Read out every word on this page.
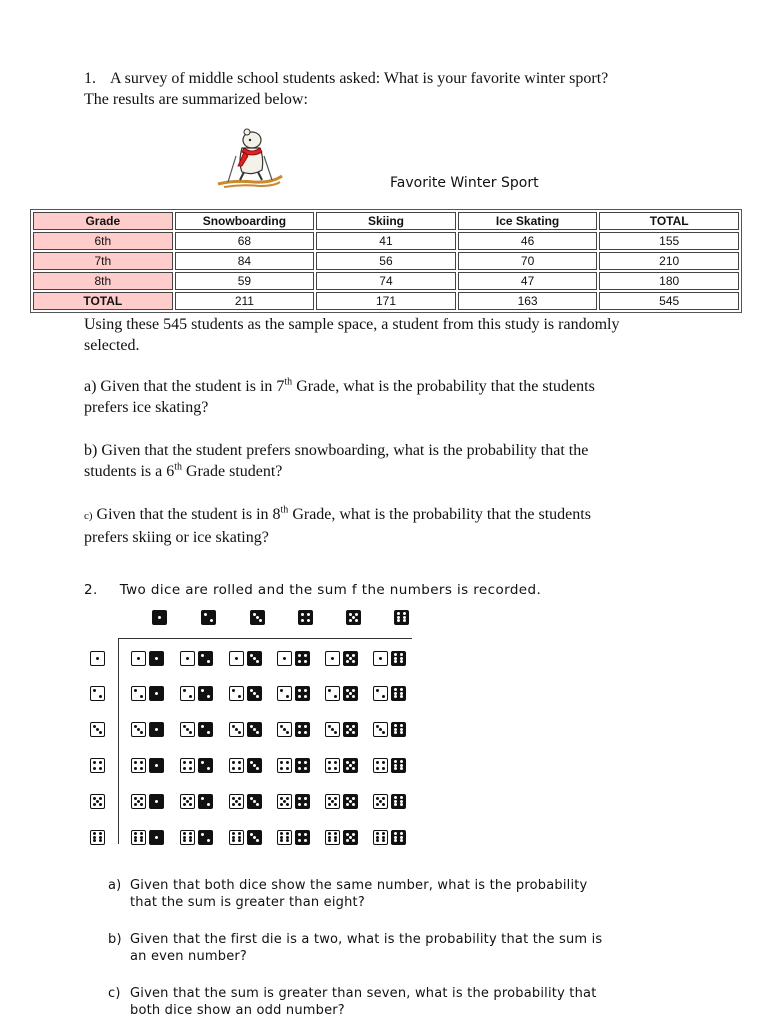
1. A survey of middle school students asked: What is your favorite winter sport?
The results are summarized below:
Favorite Winter Sport
Grade	Snowboarding	Skiing	Ice Skating	TOTAL
6th	68	41	46	155
7th	84	56	70	210
8th	59	74	47	180
TOTAL	211	171	163	545
Using these 545 students as the sample space, a student from this study is randomly
selected.
a) Given that the student is in 7th Grade, what is the probability that the students
prefers ice skating?
b) Given that the student prefers snowboarding, what is the probability that the
students is a 6th Grade student?
c) Given that the student is in 8th Grade, what is the probability that the students
prefers skiing or ice skating?
2. Two dice are rolled and the sum f the numbers is recorded.
a) Given that both dice show the same number, what is the probability
that the sum is greater than eight?
b) Given that the first die is a two, what is the probability that the sum is
an even number?
c) Given that the sum is greater than seven, what is the probability that
both dice show an odd number?
